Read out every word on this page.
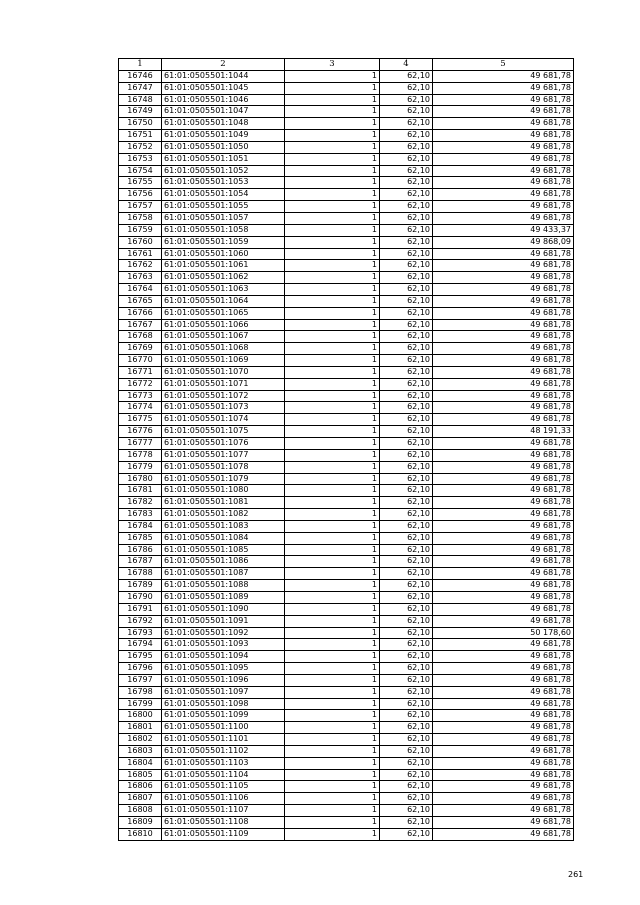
1	2	3	4	5
16746	61:01:0505501:1044	1	62,10	49 681,78
16747	61:01:0505501:1045	1	62,10	49 681,78
16748	61:01:0505501:1046	1	62,10	49 681,78
16749	61:01:0505501:1047	1	62,10	49 681,78
16750	61:01:0505501:1048	1	62,10	49 681,78
16751	61:01:0505501:1049	1	62,10	49 681,78
16752	61:01:0505501:1050	1	62,10	49 681,78
16753	61:01:0505501:1051	1	62,10	49 681,78
16754	61:01:0505501:1052	1	62,10	49 681,78
16755	61:01:0505501:1053	1	62,10	49 681,78
16756	61:01:0505501:1054	1	62,10	49 681,78
16757	61:01:0505501:1055	1	62,10	49 681,78
16758	61:01:0505501:1057	1	62,10	49 681,78
16759	61:01:0505501:1058	1	62,10	49 433,37
16760	61:01:0505501:1059	1	62,10	49 868,09
16761	61:01:0505501:1060	1	62,10	49 681,78
16762	61:01:0505501:1061	1	62,10	49 681,78
16763	61:01:0505501:1062	1	62,10	49 681,78
16764	61:01:0505501:1063	1	62,10	49 681,78
16765	61:01:0505501:1064	1	62,10	49 681,78
16766	61:01:0505501:1065	1	62,10	49 681,78
16767	61:01:0505501:1066	1	62,10	49 681,78
16768	61:01:0505501:1067	1	62,10	49 681,78
16769	61:01:0505501:1068	1	62,10	49 681,78
16770	61:01:0505501:1069	1	62,10	49 681,78
16771	61:01:0505501:1070	1	62,10	49 681,78
16772	61:01:0505501:1071	1	62,10	49 681,78
16773	61:01:0505501:1072	1	62,10	49 681,78
16774	61:01:0505501:1073	1	62,10	49 681,78
16775	61:01:0505501:1074	1	62,10	49 681,78
16776	61:01:0505501:1075	1	62,10	48 191,33
16777	61:01:0505501:1076	1	62,10	49 681,78
16778	61:01:0505501:1077	1	62,10	49 681,78
16779	61:01:0505501:1078	1	62,10	49 681,78
16780	61:01:0505501:1079	1	62,10	49 681,78
16781	61:01:0505501:1080	1	62,10	49 681,78
16782	61:01:0505501:1081	1	62,10	49 681,78
16783	61:01:0505501:1082	1	62,10	49 681,78
16784	61:01:0505501:1083	1	62,10	49 681,78
16785	61:01:0505501:1084	1	62,10	49 681,78
16786	61:01:0505501:1085	1	62,10	49 681,78
16787	61:01:0505501:1086	1	62,10	49 681,78
16788	61:01:0505501:1087	1	62,10	49 681,78
16789	61:01:0505501:1088	1	62,10	49 681,78
16790	61:01:0505501:1089	1	62,10	49 681,78
16791	61:01:0505501:1090	1	62,10	49 681,78
16792	61:01:0505501:1091	1	62,10	49 681,78
16793	61:01:0505501:1092	1	62,10	50 178,60
16794	61:01:0505501:1093	1	62,10	49 681,78
16795	61:01:0505501:1094	1	62,10	49 681,78
16796	61:01:0505501:1095	1	62,10	49 681,78
16797	61:01:0505501:1096	1	62,10	49 681,78
16798	61:01:0505501:1097	1	62,10	49 681,78
16799	61:01:0505501:1098	1	62,10	49 681,78
16800	61:01:0505501:1099	1	62,10	49 681,78
16801	61:01:0505501:1100	1	62,10	49 681,78
16802	61:01:0505501:1101	1	62,10	49 681,78
16803	61:01:0505501:1102	1	62,10	49 681,78
16804	61:01:0505501:1103	1	62,10	49 681,78
16805	61:01:0505501:1104	1	62,10	49 681,78
16806	61:01:0505501:1105	1	62,10	49 681,78
16807	61:01:0505501:1106	1	62,10	49 681,78
16808	61:01:0505501:1107	1	62,10	49 681,78
16809	61:01:0505501:1108	1	62,10	49 681,78
16810	61:01:0505501:1109	1	62,10	49 681,78
261
